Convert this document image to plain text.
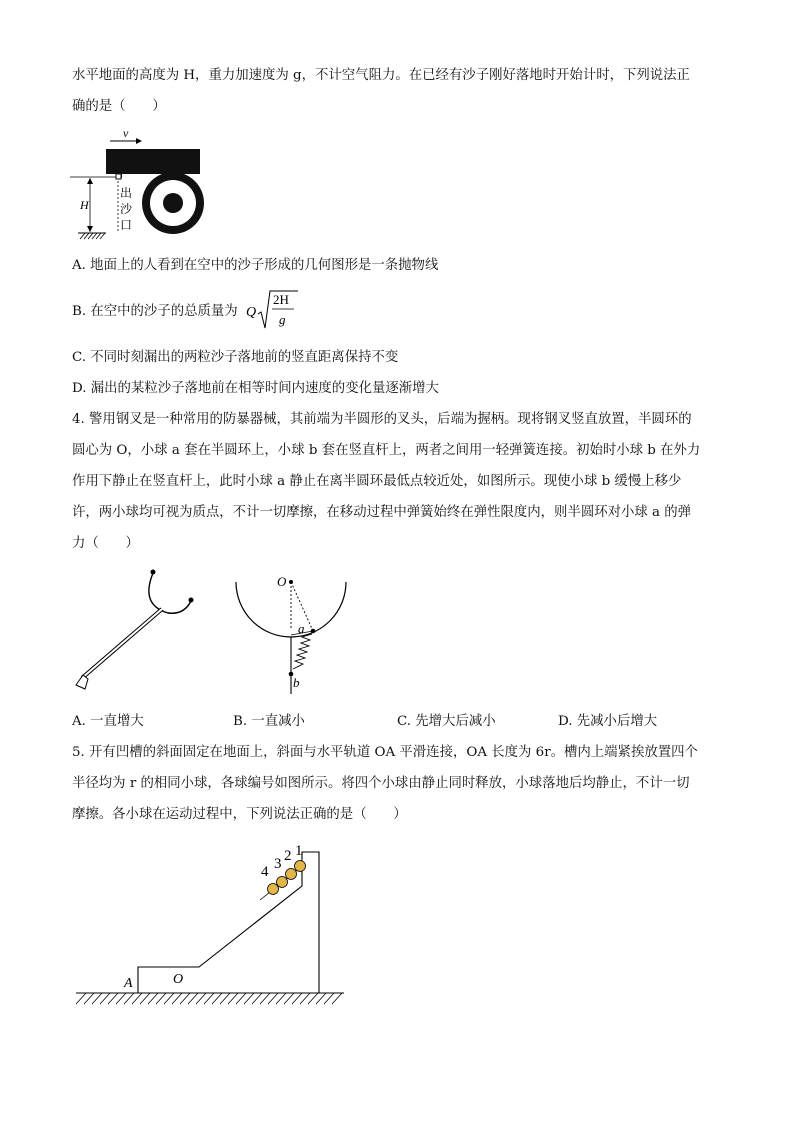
水平地面的高度为 H，重力加速度为 g，不计空气阻力。在已经有沙子刚好落地时开始计时，下列说法正
确的是（　　）
v
H
出
沙
口
A. 地面上的人看到在空中的沙子形成的几何图形是一条抛物线
B. 在空中的沙子的总质量为 Q
2H
g
C. 不同时刻漏出的两粒沙子落地前的竖直距离保持不变
D. 漏出的某粒沙子落地前在相等时间内速度的变化量逐渐增大
4. 警用钢叉是一种常用的防暴器械，其前端为半圆形的叉头，后端为握柄。现将钢叉竖直放置，半圆环的
圆心为 O，小球 a 套在半圆环上，小球 b 套在竖直杆上，两者之间用一轻弹簧连接。初始时小球 b 在外力
作用下静止在竖直杆上，此时小球 a 静止在离半圆环最低点较近处，如图所示。现使小球 b 缓慢上移少
许，两小球均可视为质点，不计一切摩擦，在移动过程中弹簧始终在弹性限度内，则半圆环对小球 a 的弹
力（　　）
O
a
b
A. 一直增大	B. 一直减小	C. 先增大后减小	D. 先减小后增大
5. 开有凹槽的斜面固定在地面上，斜面与水平轨道 OA 平滑连接，OA 长度为 6r。槽内上端紧挨放置四个
半径均为 r 的相同小球，各球编号如图所示。将四个小球由静止同时释放，小球落地后均静止，不计一切
摩擦。各小球在运动过程中，下列说法正确的是（　　）
1
2
3
4
A	O
